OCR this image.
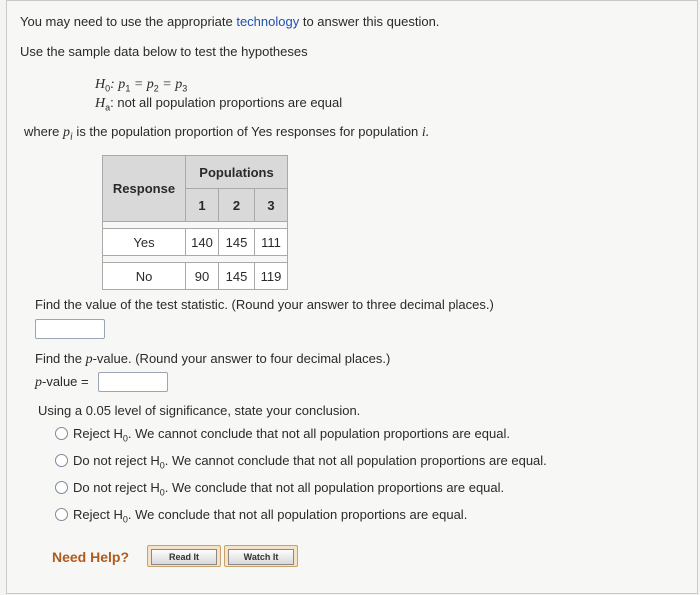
You may need to use the appropriate technology to answer this question.
Use the sample data below to test the hypotheses
$H_0$: $p_1 = p_2 = p_3$
$H_a$: not all population proportions are equal
where $p_i$ is the population proportion of Yes responses for population i.
Response	Populations		
	1	2	3

Yes	140	145	111

No	90	145	119
Find the value of the test statistic. (Round your answer to three decimal places.)
Find the p-value. (Round your answer to four decimal places.)
p-value =
Using a 0.05 level of significance, state your conclusion.
Reject $H_0$. We cannot conclude that not all population proportions are equal.
Do not reject $H_0$. We cannot conclude that not all population proportions are equal.
Do not reject $H_0$. We conclude that not all population proportions are equal.
Reject $H_0$. We conclude that not all population proportions are equal.
Need Help?	Read It	Watch It
